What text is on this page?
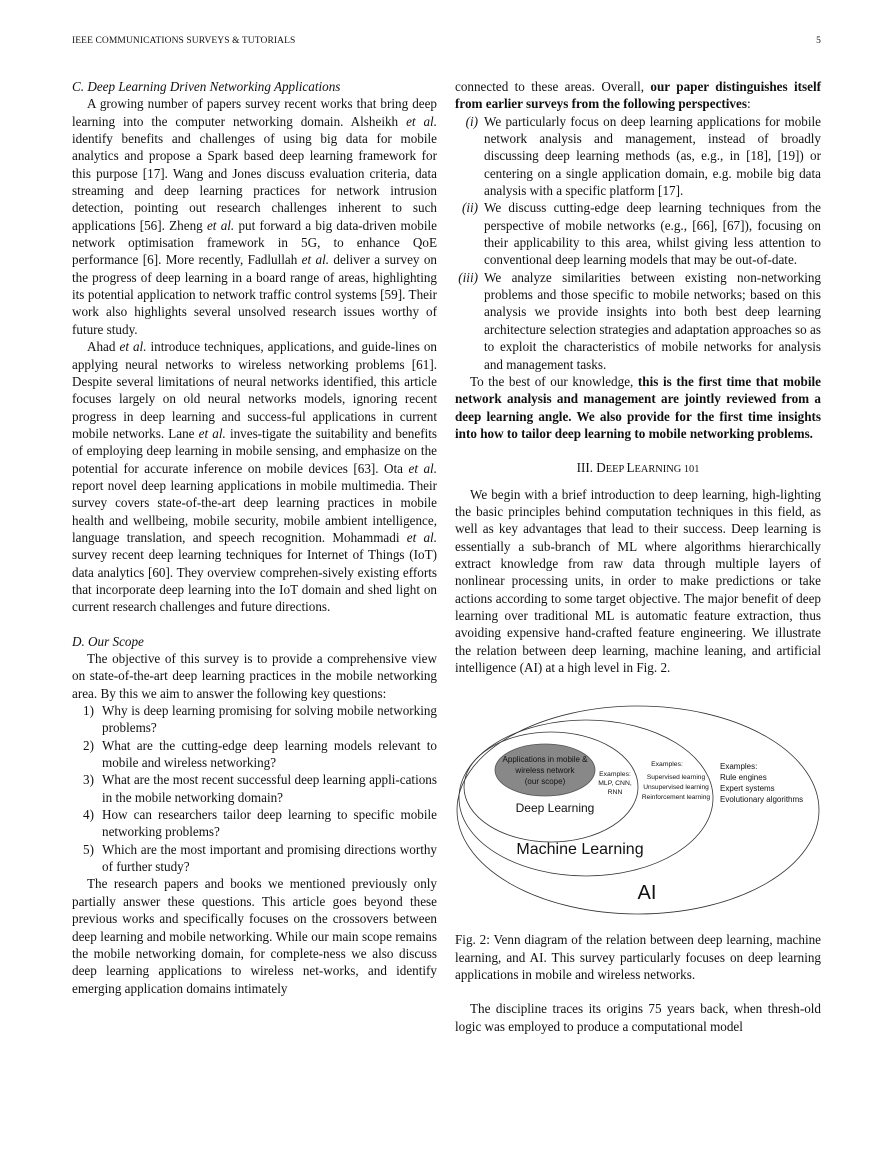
IEEE COMMUNICATIONS SURVEYS & TUTORIALS	5
C. Deep Learning Driven Networking Applications

A growing number of papers survey recent works that bring deep learning into the computer networking domain. Alsheikh et al. identify benefits and challenges of using big data for mobile analytics and propose a Spark based deep learning framework for this purpose [17]. Wang and Jones discuss evaluation criteria, data streaming and deep learning practices for network intrusion detection, pointing out research challenges inherent to such applications [56]. Zheng et al. put forward a big data-driven mobile network optimisation framework in 5G, to enhance QoE performance [6]. More recently, Fadlullah et al. deliver a survey on the progress of deep learning in a board range of areas, highlighting its potential application to network traffic control systems [59]. Their work also highlights several unsolved research issues worthy of future study.

Ahad et al. introduce techniques, applications, and guide-lines on applying neural networks to wireless networking problems [61]. Despite several limitations of neural networks identified, this article focuses largely on old neural networks models, ignoring recent progress in deep learning and success-ful applications in current mobile networks. Lane et al. inves-tigate the suitability and benefits of employing deep learning in mobile sensing, and emphasize on the potential for accurate inference on mobile devices [63]. Ota et al. report novel deep learning applications in mobile multimedia. Their survey covers state-of-the-art deep learning practices in mobile health and wellbeing, mobile security, mobile ambient intelligence, language translation, and speech recognition. Mohammadi et al. survey recent deep learning techniques for Internet of Things (IoT) data analytics [60]. They overview comprehen-sively existing efforts that incorporate deep learning into the IoT domain and shed light on current research challenges and future directions.

D. Our Scope

The objective of this survey is to provide a comprehensive view on state-of-the-art deep learning practices in the mobile networking area. By this we aim to answer the following key questions:

1) Why is deep learning promising for solving mobile networking problems?
2) What are the cutting-edge deep learning models relevant to mobile and wireless networking?
3) What are the most recent successful deep learning appli-cations in the mobile networking domain?
4) How can researchers tailor deep learning to specific mobile networking problems?
5) Which are the most important and promising directions worthy of further study?

The research papers and books we mentioned previously only partially answer these questions. This article goes beyond these previous works and specifically focuses on the crossovers between deep learning and mobile networking. While our main scope remains the mobile networking domain, for complete-ness we also discuss deep learning applications to wireless net-works, and identify emerging application domains intimately

connected to these areas. Overall, our paper distinguishes itself from earlier surveys from the following perspectives:

(i) We particularly focus on deep learning applications for mobile network analysis and management, instead of broadly discussing deep learning methods (as, e.g., in [18], [19]) or centering on a single application domain, e.g. mobile big data analysis with a specific platform [17].
(ii) We discuss cutting-edge deep learning techniques from the perspective of mobile networks (e.g., [66], [67]), focusing on their applicability to this area, whilst giving less attention to conventional deep learning models that may be out-of-date.
(iii) We analyze similarities between existing non-networking problems and those specific to mobile networks; based on this analysis we provide insights into both best deep learning architecture selection strategies and adaptation approaches so as to exploit the characteristics of mobile networks for analysis and management tasks.

To the best of our knowledge, this is the first time that mobile network analysis and management are jointly reviewed from a deep learning angle. We also provide for the first time insights into how to tailor deep learning to mobile networking problems.

III. DEEP LEARNING 101

We begin with a brief introduction to deep learning, high-lighting the basic principles behind computation techniques in this field, as well as key advantages that lead to their success. Deep learning is essentially a sub-branch of ML where algorithms hierarchically extract knowledge from raw data through multiple layers of nonlinear processing units, in order to make predictions or take actions according to some target objective. The major benefit of deep learning over traditional ML is automatic feature extraction, thus avoiding expensive hand-crafted feature engineering. We illustrate the relation between deep learning, machine leaning, and artificial intelligence (AI) at a high level in Fig. 2.

Applications in mobile &
wireless network
(our scope)
Deep Learning
Examples:
MLP, CNN,
RNN
Machine Learning
Examples:
Supervised learning
Unsupervised learning
Reinforcement learning
AI
Examples:
Rule engines
Expert systems
Evolutionary algorithms
Fig. 2: Venn diagram of the relation between deep learning, machine learning, and AI. This survey particularly focuses on deep learning applications in mobile and wireless networks.

The discipline traces its origins 75 years back, when thresh-old logic was employed to produce a computational model
